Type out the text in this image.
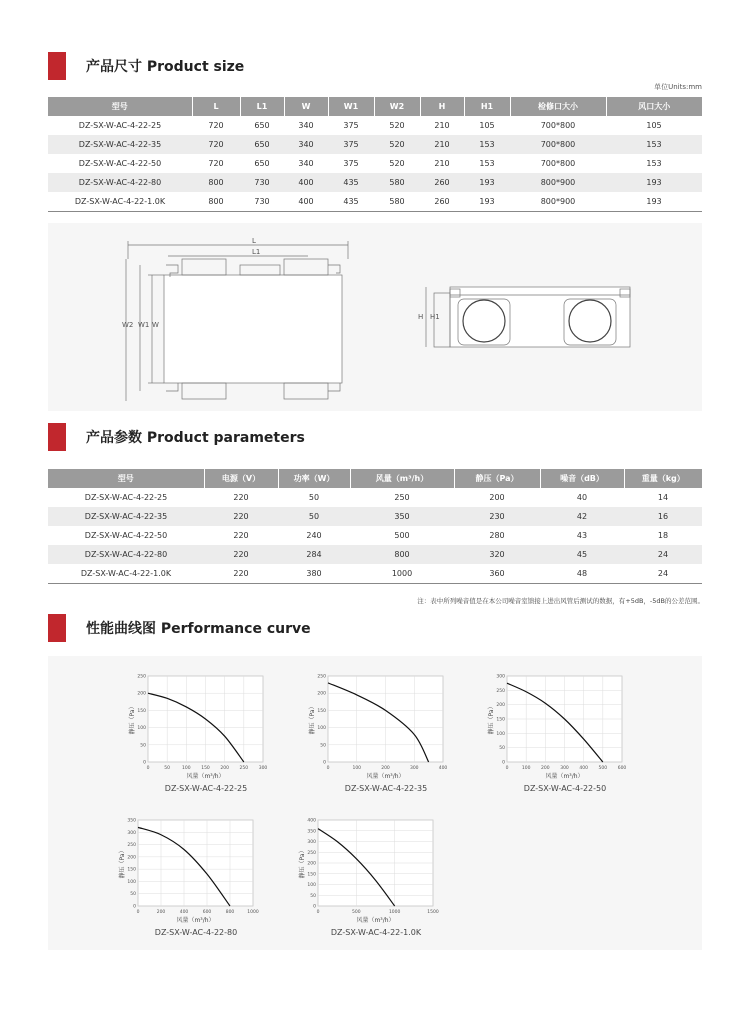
产品尺寸 Product size
单位Units:mm
型号	L	L1	W	W1	W2	H	H1	检修口大小	风口大小
DZ-SX-W-AC-4-22-25	720	650	340	375	520	210	105	700*800	105
DZ-SX-W-AC-4-22-35	720	650	340	375	520	210	153	700*800	153
DZ-SX-W-AC-4-22-50	720	650	340	375	520	210	153	700*800	153
DZ-SX-W-AC-4-22-80	800	730	400	435	580	260	193	800*900	193
DZ-SX-W-AC-4-22-1.0K	800	730	400	435	580	260	193	800*900	193
L
L1
W2 W1 W
H H1
产品参数 Product parameters
型号	电源（V）	功率（W）	风量（m³/h）	静压（Pa）	噪音（dB）	重量（kg）
DZ-SX-W-AC-4-22-25	220	50	250	200	40	14
DZ-SX-W-AC-4-22-35	220	50	350	230	42	16
DZ-SX-W-AC-4-22-50	220	240	500	280	43	18
DZ-SX-W-AC-4-22-80	220	284	800	320	45	24
DZ-SX-W-AC-4-22-1.0K	220	380	1000	360	48	24
注：表中所列噪音值是在本公司噪音室馈接上进出风管后测试的数据，有+5dB，-5dB的公差范围。
性能曲线图 Performance curve
0	50	100 150 200 250 300
0
50
100
150
200
250
风量（m³/h）
静压（Pa）
DZ-SX-W-AC-4-22-25
0	100	200	300	400
0
50
100
150
200
250
风量（m³/h）
静压（Pa）
DZ-SX-W-AC-4-22-35
0	100 200 300 400 500 600
0
50
100
150
200
250
300
风量（m³/h）
静压（Pa）
DZ-SX-W-AC-4-22-50
0	200	400	600	800	1000
0
50
100
150
200
250
300
350
风量（m³/h）
静压（Pa）
DZ-SX-W-AC-4-22-80
0	500	1000	1500
0
50
100
150
200
250
300
350
400
风量（m³/h）
静压（Pa）
DZ-SX-W-AC-4-22-1.0K
